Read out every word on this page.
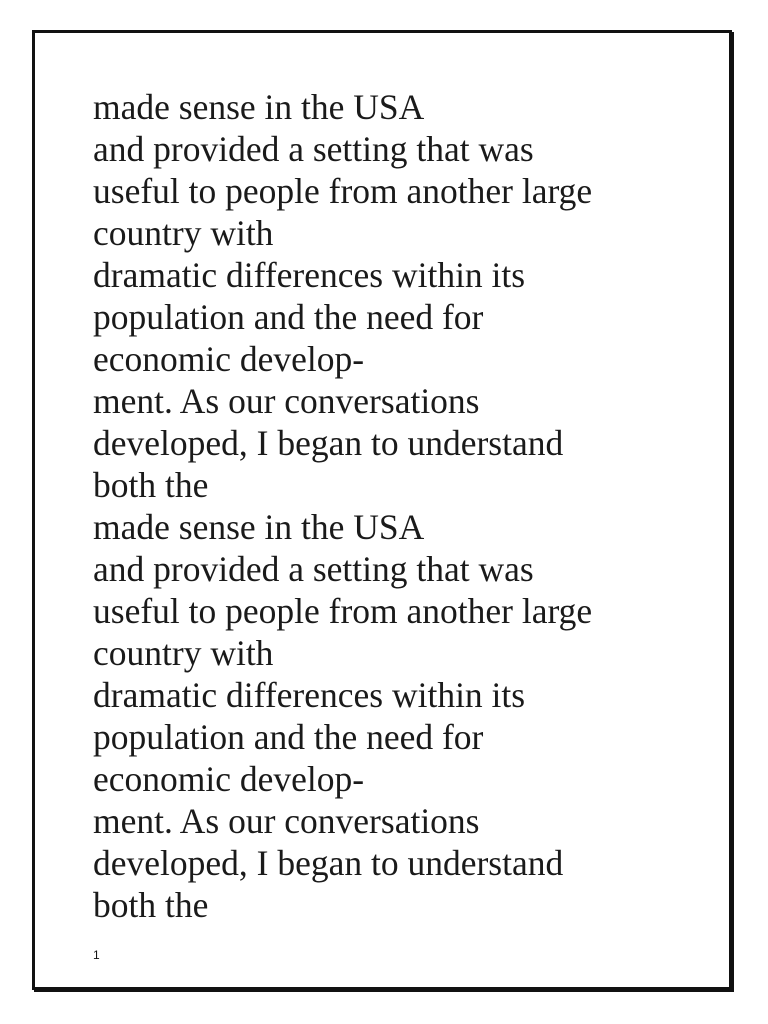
made sense in the USA
and provided a setting that was
useful to people from another large
country with
dramatic differences within its
population and the need for
economic develop-
ment. As our conversations
developed, I began to understand
both the
made sense in the USA
and provided a setting that was
useful to people from another large
country with
dramatic differences within its
population and the need for
economic develop-
ment. As our conversations
developed, I began to understand
both the
1
